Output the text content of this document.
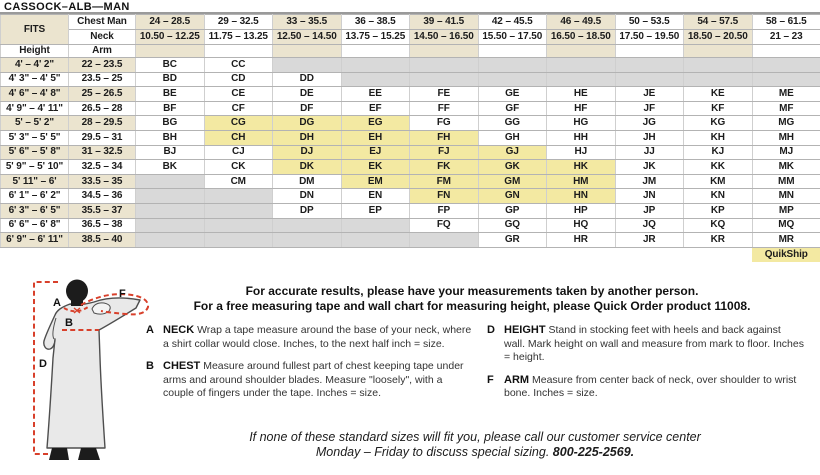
CASSOCK–ALB—MAN
FITS	Chest Man	24 – 28.5	29 – 32.5	33 – 35.5	36 – 38.5	39 – 41.5	42 – 45.5	46 – 49.5	50 – 53.5	54 – 57.5	58 – 61.5
	Neck	10.50 – 12.25	11.75 – 13.25	12.50 – 14.50	13.75 – 15.25	14.50 – 16.50	15.50 – 17.50	16.50 – 18.50	17.50 – 19.50	18.50 – 20.50	21 – 23
Height	Arm										
4' – 4' 2"	22 – 23.5	BC	CC								
4' 3" – 4' 5"	23.5 – 25	BD	CD	DD							
4' 6" – 4' 8"	25 – 26.5	BE	CE	DE	EE	FE	GE	HE	JE	KE	ME
4' 9" – 4' 11"	26.5 – 28	BF	CF	DF	EF	FF	GF	HF	JF	KF	MF
5' – 5' 2"	28 – 29.5	BG	CG	DG	EG	FG	GG	HG	JG	KG	MG
5' 3" – 5' 5"	29.5 – 31	BH	CH	DH	EH	FH	GH	HH	JH	KH	MH
5' 6" – 5' 8"	31 – 32.5	BJ	CJ	DJ	EJ	FJ	GJ	HJ	JJ	KJ	MJ
5' 9" – 5' 10"	32.5 – 34	BK	CK	DK	EK	FK	GK	HK	JK	KK	MK
5' 11" – 6'	33.5 – 35		CM	DM	EM	FM	GM	HM	JM	KM	MM
6' 1" – 6' 2"	34.5 – 36			DN	EN	FN	GN	HN	JN	KN	MN
6' 3" – 6' 5"	35.5 – 37			DP	EP	FP	GP	HP	JP	KP	MP
6' 6" – 6' 8"	36.5 – 38					FQ	GQ	HQ	JQ	KQ	MQ
6' 9" – 6' 11"	38.5 – 40						GR	HR	JR	KR	MR
											QuikShip
A
B
D
F	For accurate results, please have your measurements taken by another person.
For a free measuring tape and wall chart for measuring height, please Quick Order product 11008.
A NECK Wrap a tape measure around the base of your neck, where a shirt collar would close. Inches, to the next half inch = size.
B CHEST Measure around fullest part of chest keeping tape under arms and around shoulder blades. Measure "loosely", with a couple of fingers under the tape. Inches = size.
D HEIGHT Stand in stocking feet with heels and back against wall. Mark height on wall and measure from mark to floor. Inches = height.
F ARM Measure from center back of neck, over shoulder to wrist bone. Inches = size.
If none of these standard sizes will fit you, please call our customer service center
Monday – Friday to discuss special sizing. 800-225-2569.
